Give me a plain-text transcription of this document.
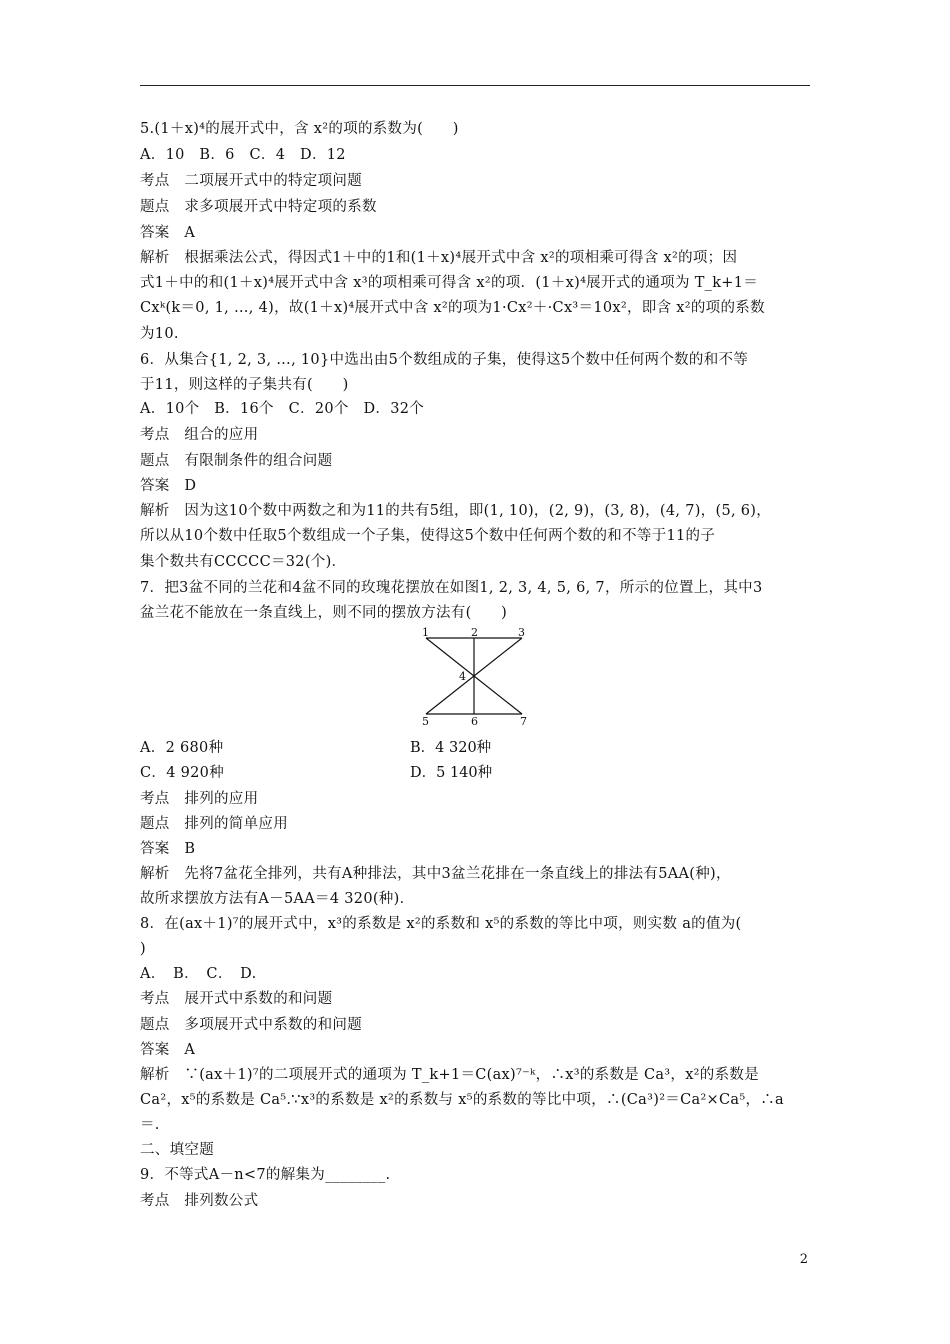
5.(1＋x)⁴的展开式中，含 x²的项的系数为(　　)
A．10　B．6　C．4　D．12
考点　二项展开式中的特定项问题
题点　求多项展开式中特定项的系数
答案　A
解析　根据乘法公式，得因式1＋中的1和(1＋x)⁴展开式中含 x²的项相乘可得含 x²的项；因
式1＋中的和(1＋x)⁴展开式中含 x³的项相乘可得含 x²的项．(1＋x)⁴展开式的通项为 T_k+1＝
Cxᵏ(k＝0, 1, …, 4)，故(1＋x)⁴展开式中含 x²的项为1·Cx²＋·Cx³＝10x²，即含 x²的项的系数
为10.
6．从集合{1, 2, 3, …, 10}中选出由5个数组成的子集，使得这5个数中任何两个数的和不等
于11，则这样的子集共有(　　)
A．10个　B．16个　C．20个　D．32个
考点　组合的应用
题点　有限制条件的组合问题
答案　D
解析　因为这10个数中两数之和为11的共有5组，即(1, 10)，(2, 9)，(3, 8)，(4, 7)，(5, 6)，
所以从10个数中任取5个数组成一个子集，使得这5个数中任何两个数的和不等于11的子
集个数共有CCCCC＝32(个)．
7．把3盆不同的兰花和4盆不同的玫瑰花摆放在如图1, 2, 3, 4, 5, 6, 7，所示的位置上，其中3
盆兰花不能放在一条直线上，则不同的摆放方法有(　　)
1	2	3
4
5	6	7
A．2 680种	B．4 320种
C．4 920种	D．5 140种
考点　排列的应用
题点　排列的简单应用
答案　B
解析　先将7盆花全排列，共有A种排法，其中3盆兰花排在一条直线上的排法有5AA(种)，
故所求摆放方法有A－5AA＝4 320(种)．
8．在(ax＋1)⁷的展开式中，x³的系数是 x²的系数和 x⁵的系数的等比中项，则实数 a的值为(
)
A．　B．　C．　D.
考点　展开式中系数的和问题
题点　多项展开式中系数的和问题
答案　A
解析　∵(ax＋1)⁷的二项展开式的通项为 T_k+1＝C(ax)⁷⁻ᵏ，∴x³的系数是 Ca³，x²的系数是
Ca²，x⁵的系数是 Ca⁵.∵x³的系数是 x²的系数与 x⁵的系数的等比中项，∴(Ca³)²＝Ca²×Ca⁵，∴a
＝.
二、填空题
9．不等式A－n<7的解集为________.
考点　排列数公式
2
